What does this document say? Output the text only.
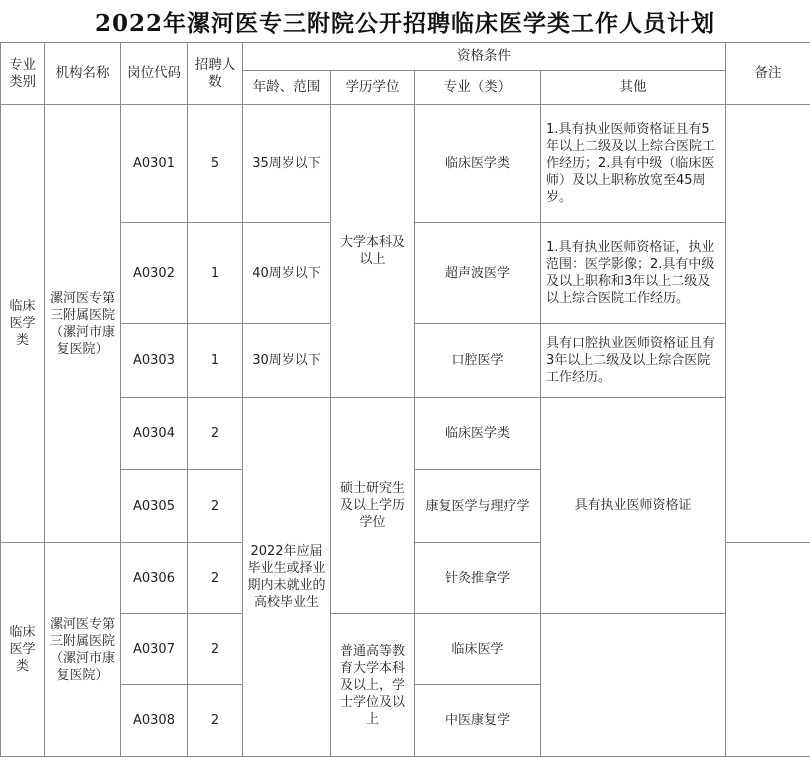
2022年漯河医专三附院公开招聘临床医学类工作人员计划
专业类别	机构名称	岗位代码	招聘人数	资格条件				备注
				年龄、范围	学历学位	专业（类）	其他	
临床医学类	漯河医专第三附属医院（漯河市康复医院）	A0301	5	35周岁以下	大学本科及以上	临床医学类	1.具有执业医师资格证且有5年以上二级及以上综合医院工作经历；2.具有中级（临床医师）及以上职称放宽至45周岁。	
		A0302	1	40周岁以下		超声波医学	1.具有执业医师资格证，执业范围：医学影像；2.具有中级及以上职称和3年以上二级及以上综合医院工作经历。	
		A0303	1	30周岁以下		口腔医学	具有口腔执业医师资格证且有3年以上二级及以上综合医院工作经历。	
		A0304	2	2022年应届毕业生或择业期内未就业的高校毕业生	硕士研究生及以上学历学位	临床医学类	具有执业医师资格证	
		A0305	2			康复医学与理疗学		
临床医学类	漯河医专第三附属医院（漯河市康复医院）	A0306	2			针灸推拿学		
		A0307	2		普通高等教育大学本科及以上，学士学位及以上	临床医学		
		A0308	2			中医康复学		
